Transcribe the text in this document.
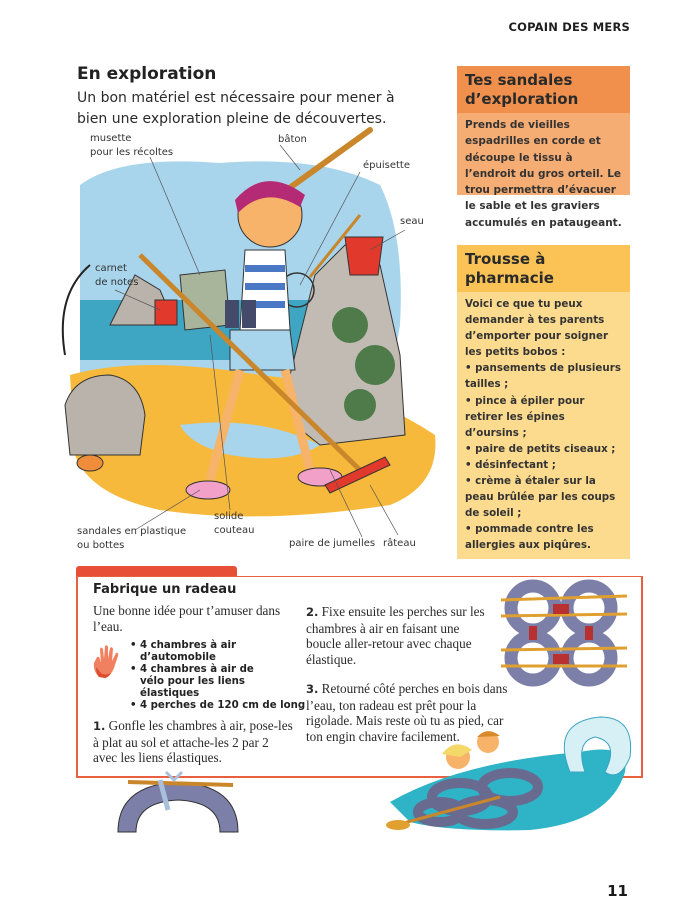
COPAIN DES MERS
En exploration
Un bon matériel est nécessaire pour mener à bien une exploration pleine de découvertes.
musette
pour les récoltes
bâton
épuisette
seau
carnet
de notes
sandales en plastique
ou bottes
solide
couteau
paire de jumelles râteau
Tes sandales
d’exploration
Prends de vieilles espadrilles en corde et découpe le tissu à l’endroit du gros orteil. Le trou permettra d’évacuer le sable et les graviers accumulés en pataugeant.
Trousse à
pharmacie

Voici ce que tu peux demander à tes parents d’emporter pour soigner les petits bobos :

• pansements de plusieurs tailles ;

• pince à épiler pour retirer les épines d’oursins ;

• paire de petits ciseaux ;

• désinfectant ;

• crème à étaler sur la peau brûlée par les coups de soleil ;

• pommade contre les allergies aux piqûres.

Fabrique un radeau
Une bonne idée pour t’amuser dans l’eau.
• 4 chambres à air d’automobile
• 4 chambres à air de vélo pour les liens élastiques
• 4 perches de 120 cm de long
1. Gonfle les chambres à air, pose-les à plat au sol et attache-les 2 par 2 avec les liens élastiques.
2. Fixe ensuite les perches sur les chambres à air en faisant une boucle aller-retour avec chaque élastique.
3. Retourné côté perches en bois dans l’eau, ton radeau est prêt pour la rigolade. Mais reste où tu as pied, car ton engin chavire facilement.
11
